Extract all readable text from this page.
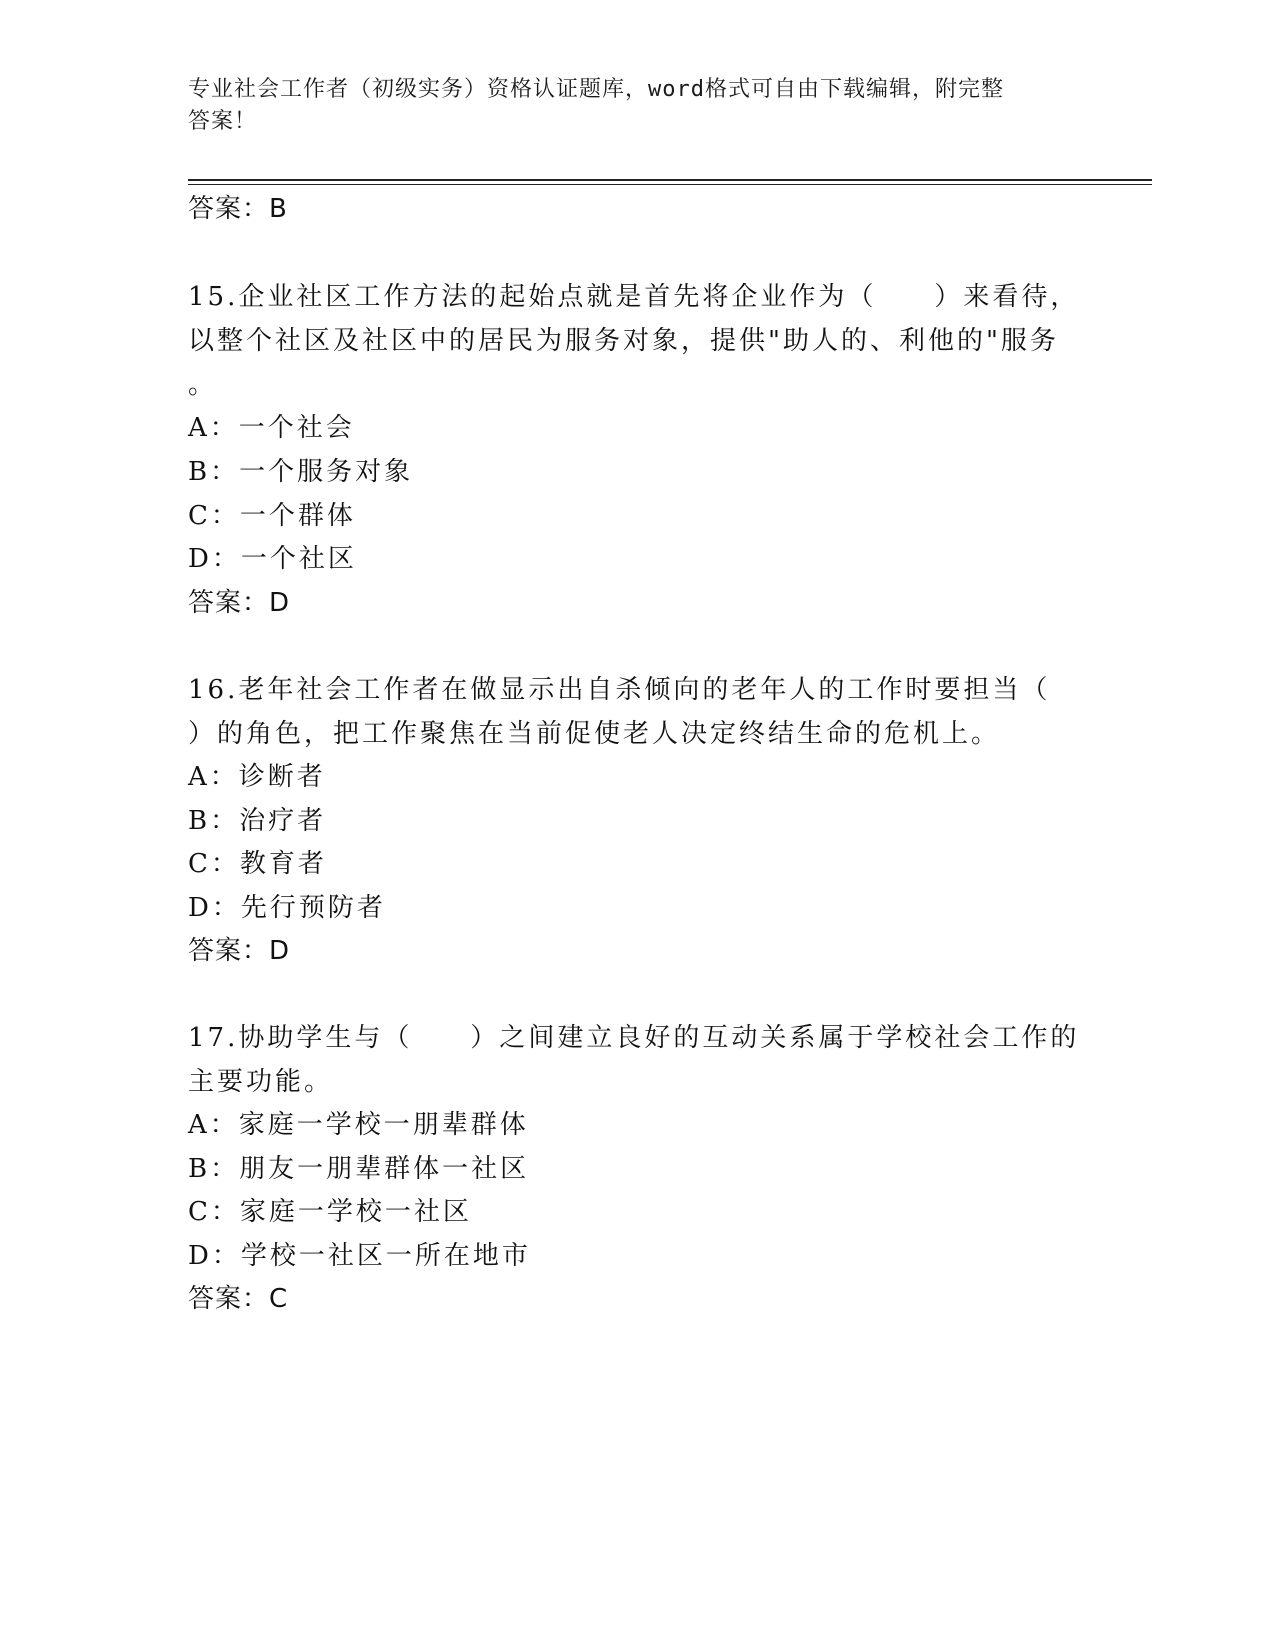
专业社会工作者（初级实务）资格认证题库，word格式可自由下载编辑，附完整
答案！
答案：B
15.企业社区工作方法的起始点就是首先将企业作为（　　）来看待，
以整个社区及社区中的居民为服务对象，提供"助人的、利他的"服务
。
A：一个社会
B：一个服务对象
C：一个群体
D：一个社区
答案：D
16.老年社会工作者在做显示出自杀倾向的老年人的工作时要担当（
）的角色，把工作聚焦在当前促使老人决定终结生命的危机上。
A：诊断者
B：治疗者
C：教育者
D：先行预防者
答案：D
17.协助学生与（　　）之间建立良好的互动关系属于学校社会工作的
主要功能。
A：家庭一学校一朋辈群体
B：朋友一朋辈群体一社区
C：家庭一学校一社区
D：学校一社区一所在地市
答案：C
